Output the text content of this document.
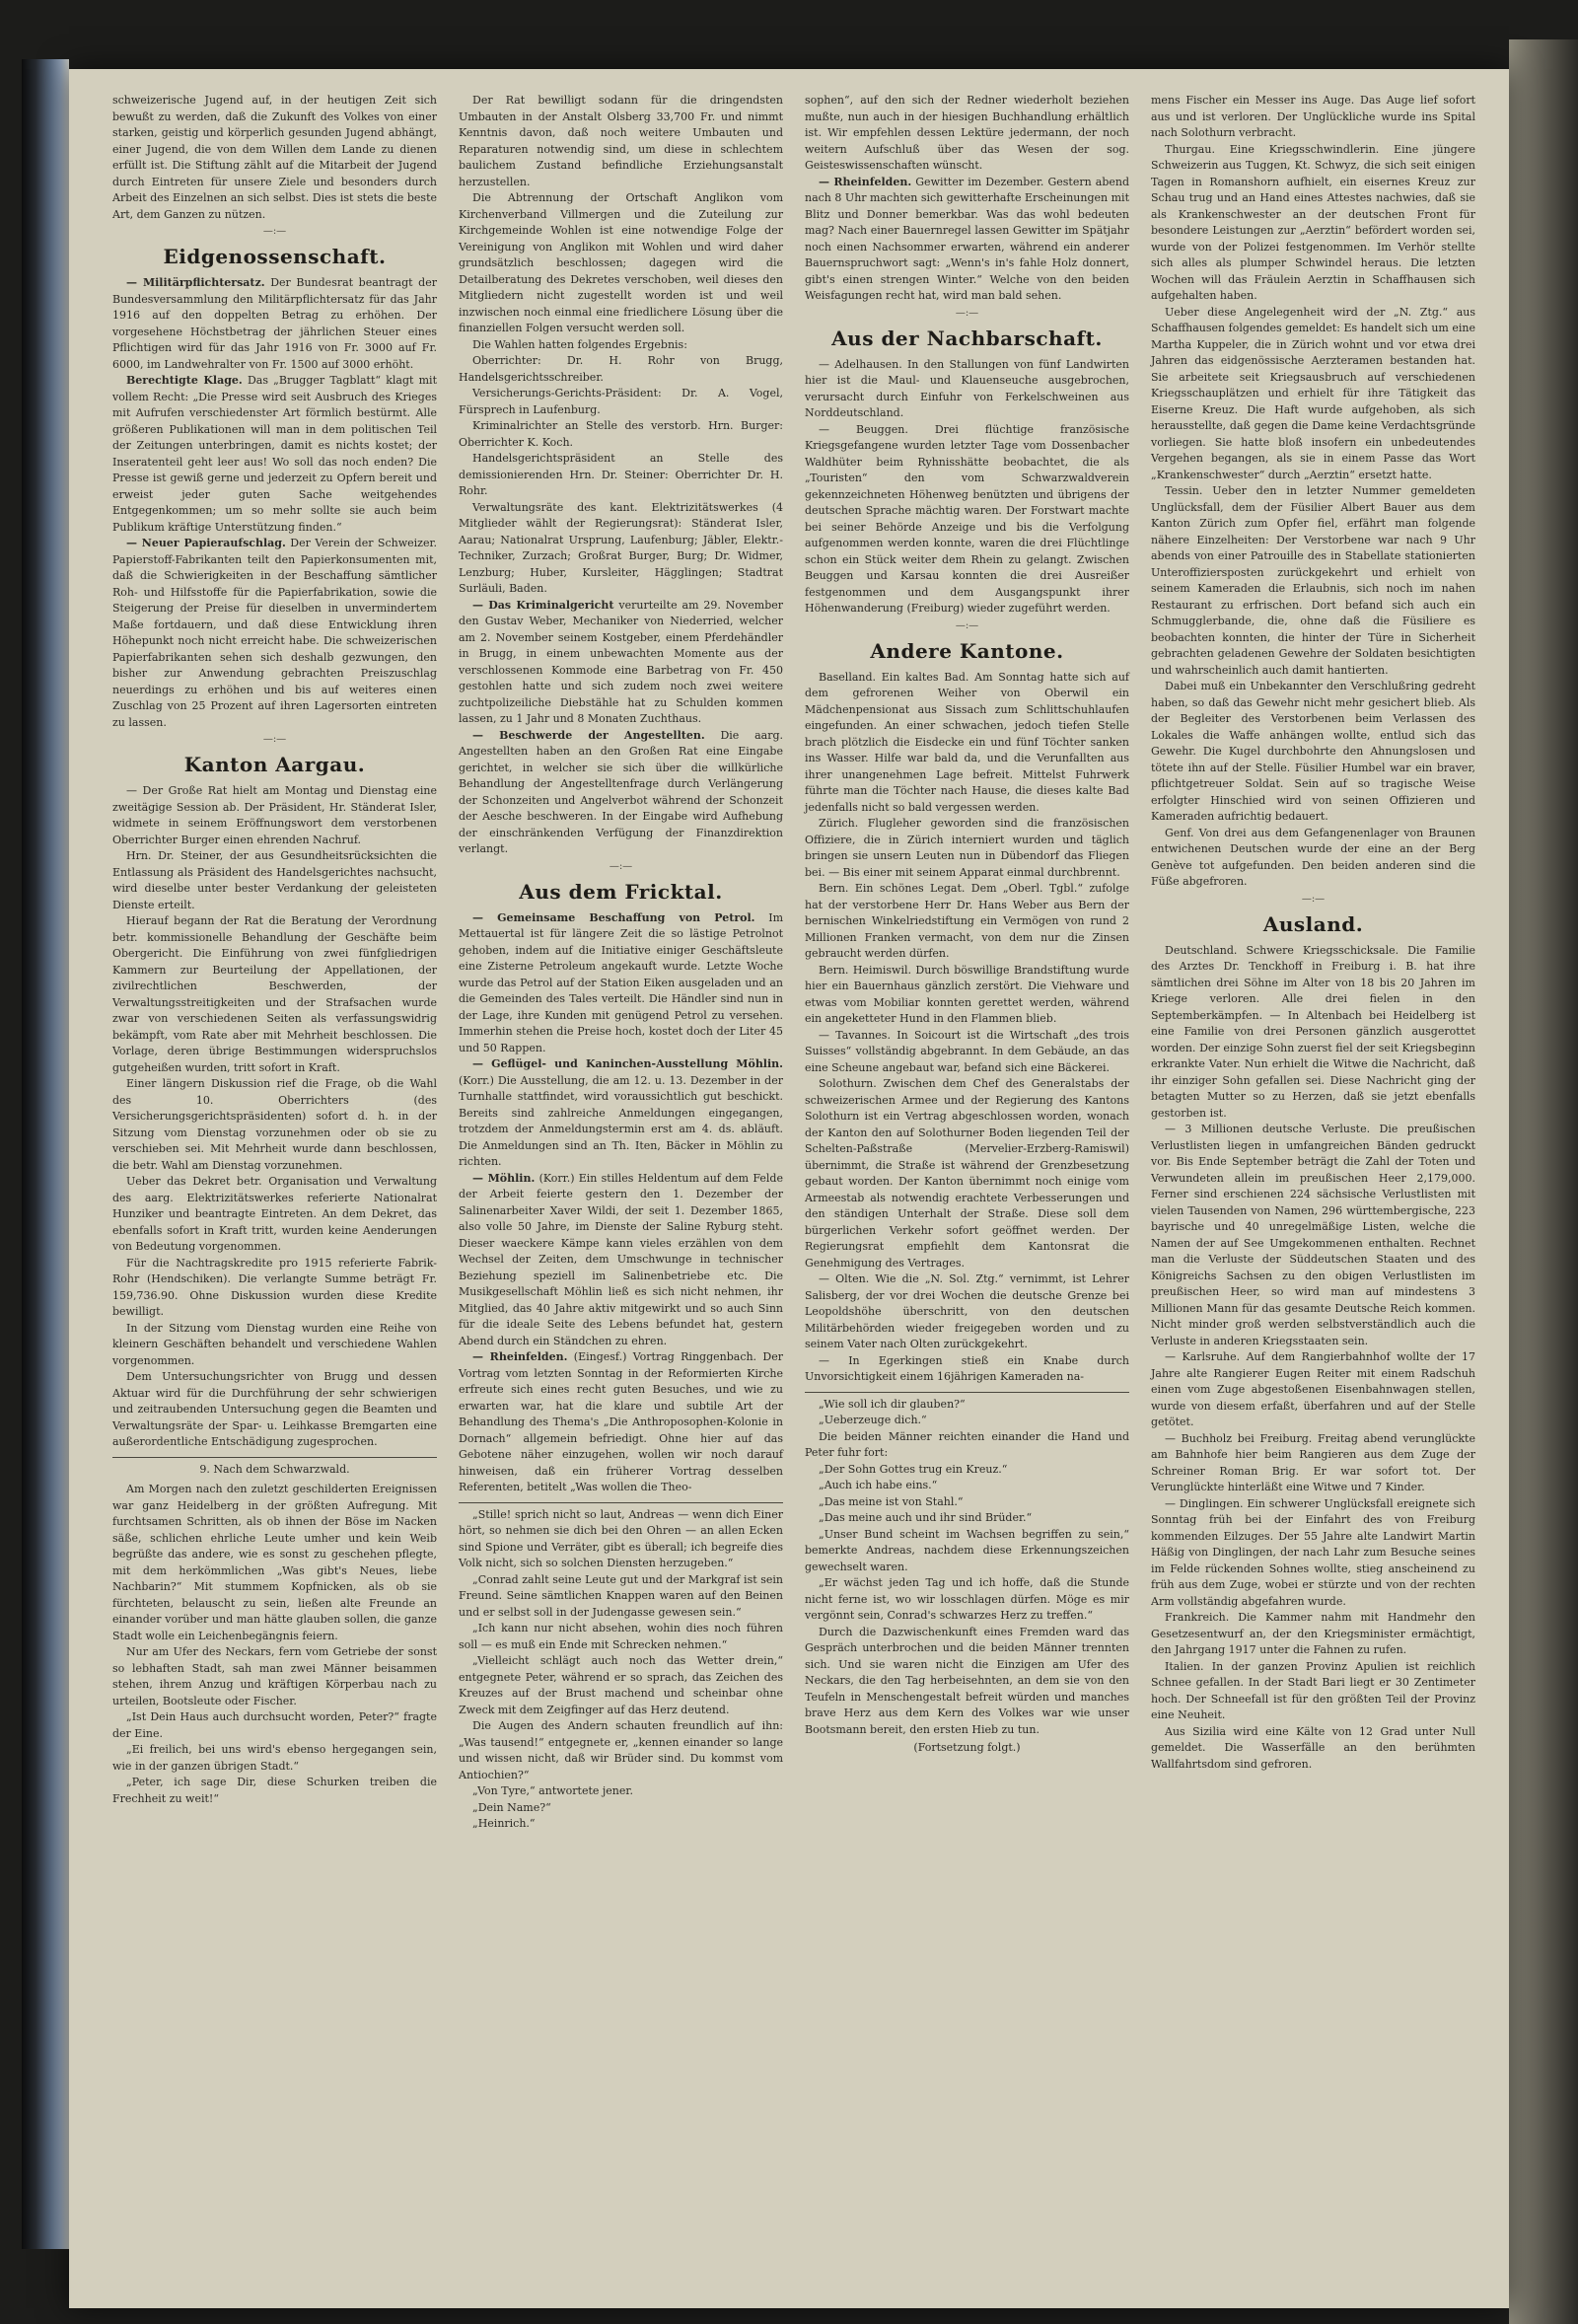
schweizerische Jugend auf, in der heutigen Zeit sich bewußt zu werden, daß die Zukunft des Volkes von einer starken, geistig und körperlich gesunden Jugend abhängt, einer Jugend, die von dem Willen dem Lande zu dienen erfüllt ist. Die Stiftung zählt auf die Mitarbeit der Jugend durch Eintreten für unsere Ziele und besonders durch Arbeit des Einzelnen an sich selbst. Dies ist stets die beste Art, dem Ganzen zu nützen.

—:—
Eidgenossenschaft.

— Militärpflichtersatz. Der Bundesrat beantragt der Bundesversammlung den Militärpflichtersatz für das Jahr 1916 auf den doppelten Betrag zu erhöhen. Der vorgesehene Höchstbetrag der jährlichen Steuer eines Pflichtigen wird für das Jahr 1916 von Fr. 3000 auf Fr. 6000, im Landwehralter von Fr. 1500 auf 3000 erhöht.

Berechtigte Klage. Das „Brugger Tagblatt“ klagt mit vollem Recht: „Die Presse wird seit Ausbruch des Krieges mit Aufrufen verschiedenster Art förmlich bestürmt. Alle größeren Publikationen will man in dem politischen Teil der Zeitungen unterbringen, damit es nichts kostet; der Inseratenteil geht leer aus! Wo soll das noch enden? Die Presse ist gewiß gerne und jederzeit zu Opfern bereit und erweist jeder guten Sache weitgehendes Entgegenkommen; um so mehr sollte sie auch beim Publikum kräftige Unterstützung finden.“

— Neuer Papieraufschlag. Der Verein der Schweizer. Papierstoff-Fabrikanten teilt den Papierkonsumenten mit, daß die Schwierigkeiten in der Beschaffung sämtlicher Roh- und Hilfsstoffe für die Papierfabrikation, sowie die Steigerung der Preise für dieselben in unvermindertem Maße fortdauern, und daß diese Entwicklung ihren Höhepunkt noch nicht erreicht habe. Die schweizerischen Papierfabrikanten sehen sich deshalb gezwungen, den bisher zur Anwendung gebrachten Preiszuschlag neuerdings zu erhöhen und bis auf weiteres einen Zuschlag von 25 Prozent auf ihren Lagersorten eintreten zu lassen.

—:—
Kanton Aargau.

— Der Große Rat hielt am Montag und Dienstag eine zweitägige Session ab. Der Präsident, Hr. Ständerat Isler, widmete in seinem Eröffnungswort dem verstorbenen Oberrichter Burger einen ehrenden Nachruf.

Hrn. Dr. Steiner, der aus Gesundheitsrücksichten die Entlassung als Präsident des Handelsgerichtes nachsucht, wird dieselbe unter bester Verdankung der geleisteten Dienste erteilt.

Hierauf begann der Rat die Beratung der Verordnung betr. kommissionelle Behandlung der Geschäfte beim Obergericht. Die Einführung von zwei fünfgliedrigen Kammern zur Beurteilung der Appellationen, der zivilrechtlichen Beschwerden, der Verwaltungsstreitigkeiten und der Strafsachen wurde zwar von verschiedenen Seiten als verfassungswidrig bekämpft, vom Rate aber mit Mehrheit beschlossen. Die Vorlage, deren übrige Bestimmungen widerspruchslos gutgeheißen wurden, tritt sofort in Kraft.

Einer längern Diskussion rief die Frage, ob die Wahl des 10. Oberrichters (des Versicherungsgerichtspräsidenten) sofort d. h. in der Sitzung vom Dienstag vorzunehmen oder ob sie zu verschieben sei. Mit Mehrheit wurde dann beschlossen, die betr. Wahl am Dienstag vorzunehmen.

Ueber das Dekret betr. Organisation und Verwaltung des aarg. Elektrizitätswerkes referierte Nationalrat Hunziker und beantragte Eintreten. An dem Dekret, das ebenfalls sofort in Kraft tritt, wurden keine Aenderungen von Bedeutung vorgenommen.

Für die Nachtragskredite pro 1915 referierte Fabrik-Rohr (Hendschiken). Die verlangte Summe beträgt Fr. 159,736.90. Ohne Diskussion wurden diese Kredite bewilligt.

In der Sitzung vom Dienstag wurden eine Reihe von kleinern Geschäften behandelt und verschiedene Wahlen vorgenommen.

Dem Untersuchungsrichter von Brugg und dessen Aktuar wird für die Durchführung der sehr schwierigen und zeitraubenden Untersuchung gegen die Beamten und Verwaltungsräte der Spar- u. Leihkasse Bremgarten eine außerordentliche Entschädigung zugesprochen.

9. Nach dem Schwarzwald.

Am Morgen nach den zuletzt geschilderten Ereignissen war ganz Heidelberg in der größten Aufregung. Mit furchtsamen Schritten, als ob ihnen der Böse im Nacken säße, schlichen ehrliche Leute umher und kein Weib begrüßte das andere, wie es sonst zu geschehen pflegte, mit dem herkömmlichen „Was gibt's Neues, liebe Nachbarin?“ Mit stummem Kopfnicken, als ob sie fürchteten, belauscht zu sein, ließen alte Freunde an einander vorüber und man hätte glauben sollen, die ganze Stadt wolle ein Leichenbegängnis feiern.

Nur am Ufer des Neckars, fern vom Getriebe der sonst so lebhaften Stadt, sah man zwei Männer beisammen stehen, ihrem Anzug und kräftigen Körperbau nach zu urteilen, Bootsleute oder Fischer.

„Ist Dein Haus auch durchsucht worden, Peter?“ fragte der Eine.

„Ei freilich, bei uns wird's ebenso hergegangen sein, wie in der ganzen übrigen Stadt.“

„Peter, ich sage Dir, diese Schurken treiben die Frechheit zu weit!“

Der Rat bewilligt sodann für die dringendsten Umbauten in der Anstalt Olsberg 33,700 Fr. und nimmt Kenntnis davon, daß noch weitere Umbauten und Reparaturen notwendig sind, um diese in schlechtem baulichem Zustand befindliche Erziehungsanstalt herzustellen.

Die Abtrennung der Ortschaft Anglikon vom Kirchenverband Villmergen und die Zuteilung zur Kirchgemeinde Wohlen ist eine notwendige Folge der Vereinigung von Anglikon mit Wohlen und wird daher grundsätzlich beschlossen; dagegen wird die Detailberatung des Dekretes verschoben, weil dieses den Mitgliedern nicht zugestellt worden ist und weil inzwischen noch einmal eine friedlichere Lösung über die finanziellen Folgen versucht werden soll.

Die Wahlen hatten folgendes Ergebnis:

Oberrichter: Dr. H. Rohr von Brugg, Handelsgerichtsschreiber.

Versicherungs-Gerichts-Präsident: Dr. A. Vogel, Fürsprech in Laufenburg.

Kriminalrichter an Stelle des verstorb. Hrn. Burger: Oberrichter K. Koch.

Handelsgerichtspräsident an Stelle des demissionierenden Hrn. Dr. Steiner: Oberrichter Dr. H. Rohr.

Verwaltungsräte des kant. Elektrizitätswerkes (4 Mitglieder wählt der Regierungsrat): Ständerat Isler, Aarau; Nationalrat Ursprung, Laufenburg; Jäbler, Elektr.-Techniker, Zurzach; Großrat Burger, Burg; Dr. Widmer, Lenzburg; Huber, Kursleiter, Hägglingen; Stadtrat Surläuli, Baden.

— Das Kriminalgericht verurteilte am 29. November den Gustav Weber, Mechaniker von Niederried, welcher am 2. November seinem Kostgeber, einem Pferdehändler in Brugg, in einem unbewachten Momente aus der verschlossenen Kommode eine Barbetrag von Fr. 450 gestohlen hatte und sich zudem noch zwei weitere zuchtpolizeiliche Diebstähle hat zu Schulden kommen lassen, zu 1 Jahr und 8 Monaten Zuchthaus.

— Beschwerde der Angestellten. Die aarg. Angestellten haben an den Großen Rat eine Eingabe gerichtet, in welcher sie sich über die willkürliche Behandlung der Angestelltenfrage durch Verlängerung der Schonzeiten und Angelverbot während der Schonzeit der Aesche beschweren. In der Eingabe wird Aufhebung der einschränkenden Verfügung der Finanzdirektion verlangt.

—:—
Aus dem Fricktal.

— Gemeinsame Beschaffung von Petrol. Im Mettauertal ist für längere Zeit die so lästige Petrolnot gehoben, indem auf die Initiative einiger Geschäftsleute eine Zisterne Petroleum angekauft wurde. Letzte Woche wurde das Petrol auf der Station Eiken ausgeladen und an die Gemeinden des Tales verteilt. Die Händler sind nun in der Lage, ihre Kunden mit genügend Petrol zu versehen. Immerhin stehen die Preise hoch, kostet doch der Liter 45 und 50 Rappen.

— Geflügel- und Kaninchen-Ausstellung Möhlin. (Korr.) Die Ausstellung, die am 12. u. 13. Dezember in der Turnhalle stattfindet, wird voraussichtlich gut beschickt. Bereits sind zahlreiche Anmeldungen eingegangen, trotzdem der Anmeldungstermin erst am 4. ds. abläuft. Die Anmeldungen sind an Th. Iten, Bäcker in Möhlin zu richten.

— Möhlin. (Korr.) Ein stilles Heldentum auf dem Felde der Arbeit feierte gestern den 1. Dezember der Salinenarbeiter Xaver Wildi, der seit 1. Dezember 1865, also volle 50 Jahre, im Dienste der Saline Ryburg steht. Dieser waeckere Kämpe kann vieles erzählen von dem Wechsel der Zeiten, dem Umschwunge in technischer Beziehung speziell im Salinenbetriebe etc. Die Musikgesellschaft Möhlin ließ es sich nicht nehmen, ihr Mitglied, das 40 Jahre aktiv mitgewirkt und so auch Sinn für die ideale Seite des Lebens befundet hat, gestern Abend durch ein Ständchen zu ehren.

— Rheinfelden. (Eingesf.) Vortrag Ringgenbach. Der Vortrag vom letzten Sonntag in der Reformierten Kirche erfreute sich eines recht guten Besuches, und wie zu erwarten war, hat die klare und subtile Art der Behandlung des Thema's „Die Anthroposophen-Kolonie in Dornach“ allgemein befriedigt. Ohne hier auf das Gebotene näher einzugehen, wollen wir noch darauf hinweisen, daß ein früherer Vortrag desselben Referenten, betitelt „Was wollen die Theo-

„Stille! sprich nicht so laut, Andreas — wenn dich Einer hört, so nehmen sie dich bei den Ohren — an allen Ecken sind Spione und Verräter, gibt es überall; ich begreife dies Volk nicht, sich so solchen Diensten herzugeben.“

„Conrad zahlt seine Leute gut und der Markgraf ist sein Freund. Seine sämtlichen Knappen waren auf den Beinen und er selbst soll in der Judengasse gewesen sein.“

„Ich kann nur nicht absehen, wohin dies noch führen soll — es muß ein Ende mit Schrecken nehmen.“

„Vielleicht schlägt auch noch das Wetter drein,“ entgegnete Peter, während er so sprach, das Zeichen des Kreuzes auf der Brust machend und scheinbar ohne Zweck mit dem Zeigfinger auf das Herz deutend.

Die Augen des Andern schauten freundlich auf ihn: „Was tausend!“ entgegnete er, „kennen einander so lange und wissen nicht, daß wir Brüder sind. Du kommst vom Antiochien?“

„Von Tyre,“ antwortete jener.

„Dein Name?“

„Heinrich.“

sophen“, auf den sich der Redner wiederholt beziehen mußte, nun auch in der hiesigen Buchhandlung erhältlich ist. Wir empfehlen dessen Lektüre jedermann, der noch weitern Aufschluß über das Wesen der sog. Geisteswissenschaften wünscht.

— Rheinfelden. Gewitter im Dezember. Gestern abend nach 8 Uhr machten sich gewitterhafte Erscheinungen mit Blitz und Donner bemerkbar. Was das wohl bedeuten mag? Nach einer Bauernregel lassen Gewitter im Spätjahr noch einen Nachsommer erwarten, während ein anderer Bauernspruchwort sagt: „Wenn's in's fahle Holz donnert, gibt's einen strengen Winter.“ Welche von den beiden Weisfagungen recht hat, wird man bald sehen.

—:—
Aus der Nachbarschaft.

— Adelhausen. In den Stallungen von fünf Landwirten hier ist die Maul- und Klauenseuche ausgebrochen, verursacht durch Einfuhr von Ferkelschweinen aus Norddeutschland.

— Beuggen. Drei flüchtige französische Kriegsgefangene wurden letzter Tage vom Dossenbacher Waldhüter beim Ryhnisshätte beobachtet, die als „Touristen“ den vom Schwarzwaldverein gekennzeichneten Höhenweg benützten und übrigens der deutschen Sprache mächtig waren. Der Forstwart machte bei seiner Behörde Anzeige und bis die Verfolgung aufgenommen werden konnte, waren die drei Flüchtlinge schon ein Stück weiter dem Rhein zu gelangt. Zwischen Beuggen und Karsau konnten die drei Ausreißer festgenommen und dem Ausgangspunkt ihrer Höhenwanderung (Freiburg) wieder zugeführt werden.

—:—
Andere Kantone.

Baselland. Ein kaltes Bad. Am Sonntag hatte sich auf dem gefrorenen Weiher von Oberwil ein Mädchenpensionat aus Sissach zum Schlittschuhlaufen eingefunden. An einer schwachen, jedoch tiefen Stelle brach plötzlich die Eisdecke ein und fünf Töchter sanken ins Wasser. Hilfe war bald da, und die Verunfallten aus ihrer unangenehmen Lage befreit. Mittelst Fuhrwerk führte man die Töchter nach Hause, die dieses kalte Bad jedenfalls nicht so bald vergessen werden.

Zürich. Flugleher geworden sind die französischen Offiziere, die in Zürich interniert wurden und täglich bringen sie unsern Leuten nun in Dübendorf das Fliegen bei. — Bis einer mit seinem Apparat einmal durchbrennt.

Bern. Ein schönes Legat. Dem „Oberl. Tgbl.“ zufolge hat der verstorbene Herr Dr. Hans Weber aus Bern der bernischen Winkelriedstiftung ein Vermögen von rund 2 Millionen Franken vermacht, von dem nur die Zinsen gebraucht werden dürfen.

Bern. Heimiswil. Durch böswillige Brandstiftung wurde hier ein Bauernhaus gänzlich zerstört. Die Viehware und etwas vom Mobiliar konnten gerettet werden, während ein angeketteter Hund in den Flammen blieb.

— Tavannes. In Soicourt ist die Wirtschaft „des trois Suisses“ vollständig abgebrannt. In dem Gebäude, an das eine Scheune angebaut war, befand sich eine Bäckerei.

Solothurn. Zwischen dem Chef des Generalstabs der schweizerischen Armee und der Regierung des Kantons Solothurn ist ein Vertrag abgeschlossen worden, wonach der Kanton den auf Solothurner Boden liegenden Teil der Schelten-Paßstraße (Mervelier-Erzberg-Ramiswil) übernimmt, die Straße ist während der Grenzbesetzung gebaut worden. Der Kanton übernimmt noch einige vom Armeestab als notwendig erachtete Verbesserungen und den ständigen Unterhalt der Straße. Diese soll dem bürgerlichen Verkehr sofort geöffnet werden. Der Regierungsrat empfiehlt dem Kantonsrat die Genehmigung des Vertrages.

— Olten. Wie die „N. Sol. Ztg.“ vernimmt, ist Lehrer Salisberg, der vor drei Wochen die deutsche Grenze bei Leopoldshöhe überschritt, von den deutschen Militärbehörden wieder freigegeben worden und zu seinem Vater nach Olten zurückgekehrt.

— In Egerkingen stieß ein Knabe durch Unvorsichtigkeit einem 16jährigen Kameraden na-

„Wie soll ich dir glauben?“

„Ueberzeuge dich.“

Die beiden Männer reichten einander die Hand und Peter fuhr fort:

„Der Sohn Gottes trug ein Kreuz.“

„Auch ich habe eins.“

„Das meine ist von Stahl.“

„Das meine auch und ihr sind Brüder.“

„Unser Bund scheint im Wachsen begriffen zu sein,“ bemerkte Andreas, nachdem diese Erkennungszeichen gewechselt waren.

„Er wächst jeden Tag und ich hoffe, daß die Stunde nicht ferne ist, wo wir losschlagen dürfen. Möge es mir vergönnt sein, Conrad's schwarzes Herz zu treffen.“

Durch die Dazwischenkunft eines Fremden ward das Gespräch unterbrochen und die beiden Männer trennten sich. Und sie waren nicht die Einzigen am Ufer des Neckars, die den Tag herbeisehnten, an dem sie von den Teufeln in Menschengestalt befreit würden und manches brave Herz aus dem Kern des Volkes war wie unser Bootsmann bereit, den ersten Hieb zu tun.

(Fortsetzung folgt.)

mens Fischer ein Messer ins Auge. Das Auge lief sofort aus und ist verloren. Der Unglückliche wurde ins Spital nach Solothurn verbracht.

Thurgau. Eine Kriegsschwindlerin. Eine jüngere Schweizerin aus Tuggen, Kt. Schwyz, die sich seit einigen Tagen in Romanshorn aufhielt, ein eisernes Kreuz zur Schau trug und an Hand eines Attestes nachwies, daß sie als Krankenschwester an der deutschen Front für besondere Leistungen zur „Aerztin“ befördert worden sei, wurde von der Polizei festgenommen. Im Verhör stellte sich alles als plumper Schwindel heraus. Die letzten Wochen will das Fräulein Aerztin in Schaffhausen sich aufgehalten haben.

Ueber diese Angelegenheit wird der „N. Ztg.“ aus Schaffhausen folgendes gemeldet: Es handelt sich um eine Martha Kuppeler, die in Zürich wohnt und vor etwa drei Jahren das eidgenössische Aerzteramen bestanden hat. Sie arbeitete seit Kriegsausbruch auf verschiedenen Kriegsschauplätzen und erhielt für ihre Tätigkeit das Eiserne Kreuz. Die Haft wurde aufgehoben, als sich herausstellte, daß gegen die Dame keine Verdachtsgründe vorliegen. Sie hatte bloß insofern ein unbedeutendes Vergehen begangen, als sie in einem Passe das Wort „Krankenschwester“ durch „Aerztin“ ersetzt hatte.

Tessin. Ueber den in letzter Nummer gemeldeten Unglücksfall, dem der Füsilier Albert Bauer aus dem Kanton Zürich zum Opfer fiel, erfährt man folgende nähere Einzelheiten: Der Verstorbene war nach 9 Uhr abends von einer Patrouille des in Stabellate stationierten Unteroffiziersposten zurückgekehrt und erhielt von seinem Kameraden die Erlaubnis, sich noch im nahen Restaurant zu erfrischen. Dort befand sich auch ein Schmugglerbande, die, ohne daß die Füsiliere es beobachten konnten, die hinter der Türe in Sicherheit gebrachten geladenen Gewehre der Soldaten besichtigten und wahrscheinlich auch damit hantierten.

Dabei muß ein Unbekannter den Verschlußring gedreht haben, so daß das Gewehr nicht mehr gesichert blieb. Als der Begleiter des Verstorbenen beim Verlassen des Lokales die Waffe anhängen wollte, entlud sich das Gewehr. Die Kugel durchbohrte den Ahnungslosen und tötete ihn auf der Stelle. Füsilier Humbel war ein braver, pflichtgetreuer Soldat. Sein auf so tragische Weise erfolgter Hinschied wird von seinen Offizieren und Kameraden aufrichtig bedauert.

Genf. Von drei aus dem Gefangenenlager von Braunen entwichenen Deutschen wurde der eine an der Berg Genève tot aufgefunden. Den beiden anderen sind die Füße abgefroren.

—:—
Ausland.

Deutschland. Schwere Kriegsschicksale. Die Familie des Arztes Dr. Tenckhoff in Freiburg i. B. hat ihre sämtlichen drei Söhne im Alter von 18 bis 20 Jahren im Kriege verloren. Alle drei fielen in den Septemberkämpfen. — In Altenbach bei Heidelberg ist eine Familie von drei Personen gänzlich ausgerottet worden. Der einzige Sohn zuerst fiel der seit Kriegsbeginn erkrankte Vater. Nun erhielt die Witwe die Nachricht, daß ihr einziger Sohn gefallen sei. Diese Nachricht ging der betagten Mutter so zu Herzen, daß sie jetzt ebenfalls gestorben ist.

— 3 Millionen deutsche Verluste. Die preußischen Verlustlisten liegen in umfangreichen Bänden gedruckt vor. Bis Ende September beträgt die Zahl der Toten und Verwundeten allein im preußischen Heer 2,179,000. Ferner sind erschienen 224 sächsische Verlustlisten mit vielen Tausenden von Namen, 296 württembergische, 223 bayrische und 40 unregelmäßige Listen, welche die Namen der auf See Umgekommenen enthalten. Rechnet man die Verluste der Süddeutschen Staaten und des Königreichs Sachsen zu den obigen Verlustlisten im preußischen Heer, so wird man auf mindestens 3 Millionen Mann für das gesamte Deutsche Reich kommen. Nicht minder groß werden selbstverständlich auch die Verluste in anderen Kriegsstaaten sein.

— Karlsruhe. Auf dem Rangierbahnhof wollte der 17 Jahre alte Rangierer Eugen Reiter mit einem Radschuh einen vom Zuge abgestoßenen Eisenbahnwagen stellen, wurde von diesem erfaßt, überfahren und auf der Stelle getötet.

— Buchholz bei Freiburg. Freitag abend verunglückte am Bahnhofe hier beim Rangieren aus dem Zuge der Schreiner Roman Brig. Er war sofort tot. Der Verunglückte hinterläßt eine Witwe und 7 Kinder.

— Dinglingen. Ein schwerer Unglücksfall ereignete sich Sonntag früh bei der Einfahrt des von Freiburg kommenden Eilzuges. Der 55 Jahre alte Landwirt Martin Häßig von Dinglingen, der nach Lahr zum Besuche seines im Felde rückenden Sohnes wollte, stieg anscheinend zu früh aus dem Zuge, wobei er stürzte und von der rechten Arm vollständig abgefahren wurde.

Frankreich. Die Kammer nahm mit Handmehr den Gesetzesentwurf an, der den Kriegsminister ermächtigt, den Jahrgang 1917 unter die Fahnen zu rufen.

Italien. In der ganzen Provinz Apulien ist reichlich Schnee gefallen. In der Stadt Bari liegt er 30 Zentimeter hoch. Der Schneefall ist für den größten Teil der Provinz eine Neuheit.

Aus Sizilia wird eine Kälte von 12 Grad unter Null gemeldet. Die Wasserfälle an den berühmten Wallfahrtsdom sind gefroren.
